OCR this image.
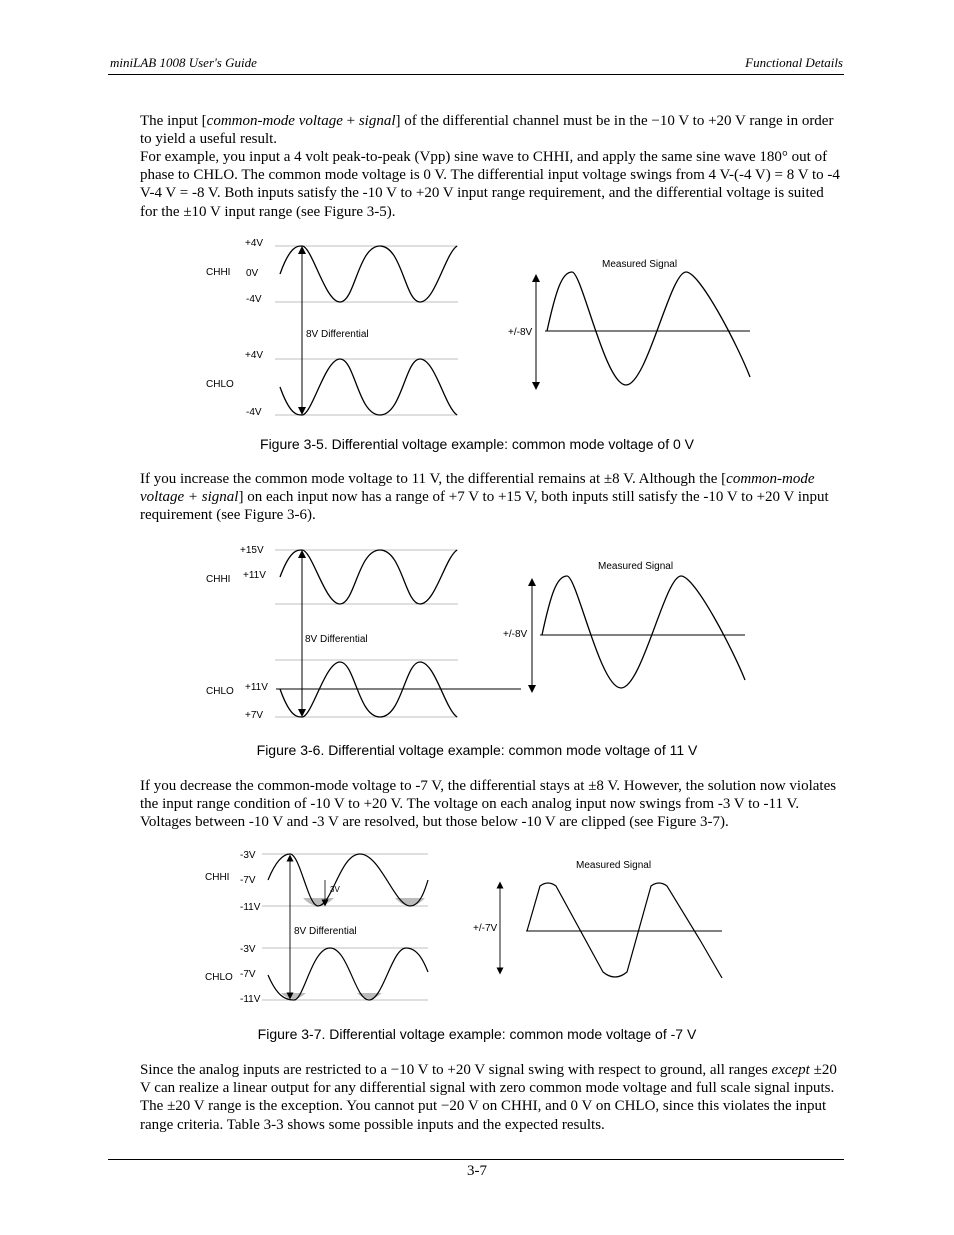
miniLAB 1008 User's Guide	Functional Details

The input [common-mode voltage + signal] of the differential channel must be in the −10 V to +20 V range in order to yield a useful result.

For example, you input a 4 volt peak-to-peak (Vpp) sine wave to CHHI, and apply the same sine wave 180° out of phase to CHLO. The common mode voltage is 0 V. The differential input voltage swings from 4 V-(-4 V) = 8 V to -4 V-4 V = -8 V. Both inputs satisfy the -10 V to +20 V input range requirement, and the differential voltage is suited for the ±10 V input range (see Figure 3-5).

+4V
0V
-4V
+4V
-4V
CHHI
CHLO
8V Differential	+/-8V
Measured Signal
Figure 3-5. Differential voltage example: common mode voltage of 0 V

If you increase the common mode voltage to 11 V, the differential remains at ±8 V. Although the [common-mode voltage + signal] on each input now has a range of +7 V to +15 V, both inputs still satisfy the -10 V to +20 V input requirement (see Figure 3-6).

+15V
+11V
+11V
+7V
CHHI
CHLO
8V Differential	+/-8V
Measured Signal
Figure 3-6. Differential voltage example: common mode voltage of 11 V

If you decrease the common-mode voltage to -7 V, the differential stays at ±8 V. However, the solution now violates the input range condition of -10 V to +20 V. The voltage on each analog input now swings from -3 V to -11 V. Voltages between -10 V and -3 V are resolved, but those below -10 V are clipped (see Figure 3-7).

-3V
-7V
-11V
-3V
-7V
-11V
CHHI
CHLO
8V Differential
3V
+/-7V
Measured Signal
Figure 3-7. Differential voltage example: common mode voltage of -7 V

Since the analog inputs are restricted to a −10 V to +20 V signal swing with respect to ground, all ranges except ±20 V can realize a linear output for any differential signal with zero common mode voltage and full scale signal inputs. The ±20 V range is the exception. You cannot put −20 V on CHHI, and 0 V on CHLO, since this violates the input range criteria. Table 3-3 shows some possible inputs and the expected results.

3-7
